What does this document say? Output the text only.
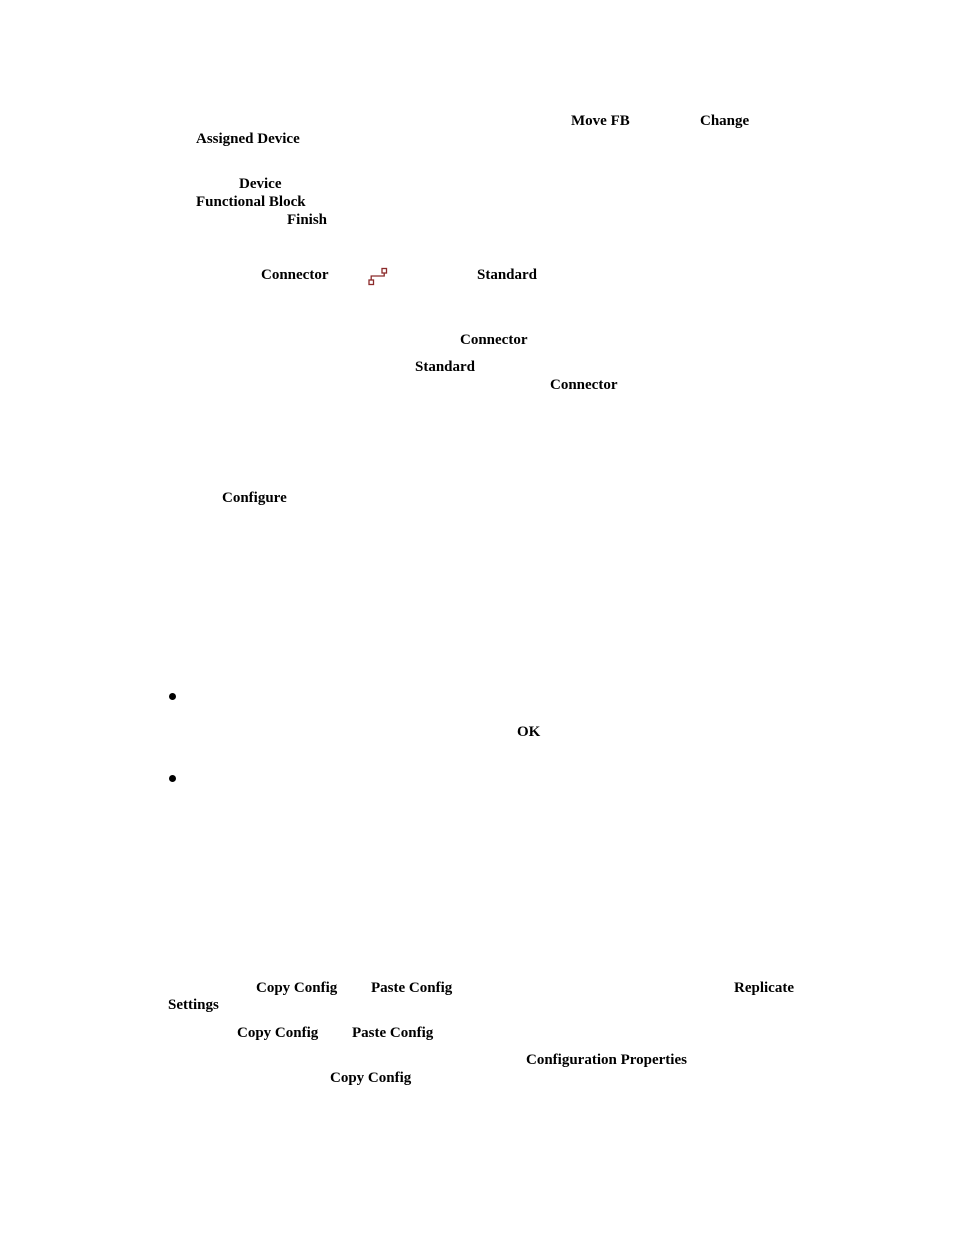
Move FB	Change
Assigned Device
Device
Functional Block
Finish
Connector	Standard
Connector
Standard
Connector
Configure
OK
Copy Config Paste Config	Replicate
Settings
Copy Config Paste Config
Configuration Properties
Copy Config
